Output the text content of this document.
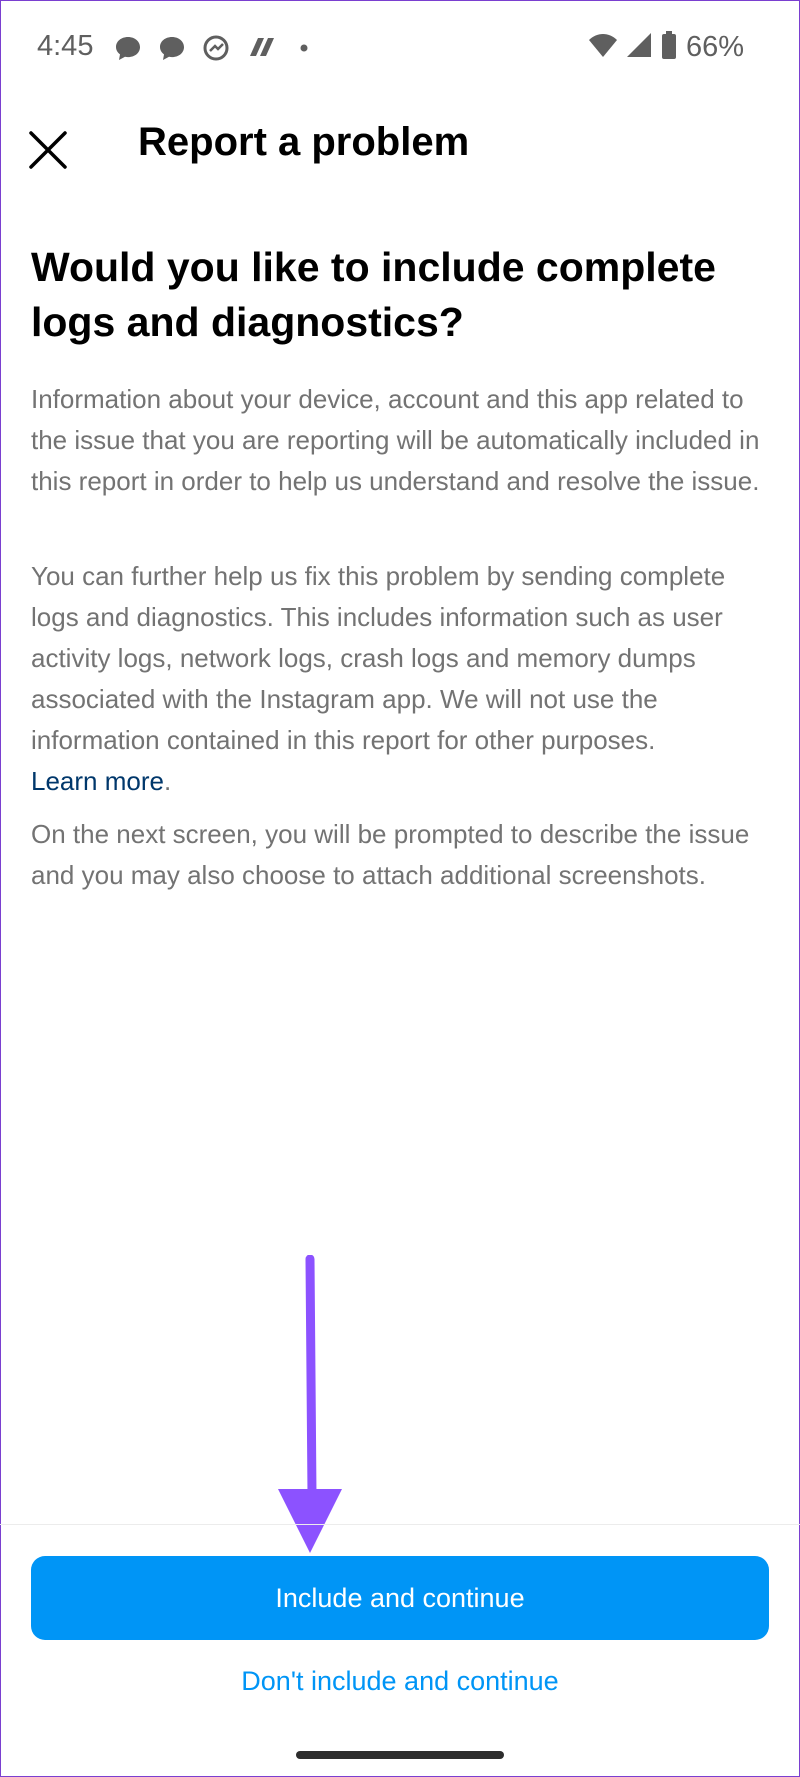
4:45	66%
Report a problem
Would you like to include complete logs and diagnostics?

Information about your device, account and this app related to the issue that you are reporting will be automatically included in this report in order to help us understand and resolve the issue.

You can further help us fix this problem by sending complete logs and diagnostics. This includes information such as user activity logs, network logs, crash logs and memory dumps associated with the Instagram app. We will not use the information contained in this report for other purposes.
Learn more.

On the next screen, you will be prompted to describe the issue and you may also choose to attach additional screenshots.

Include and continue
Don't include and continue
